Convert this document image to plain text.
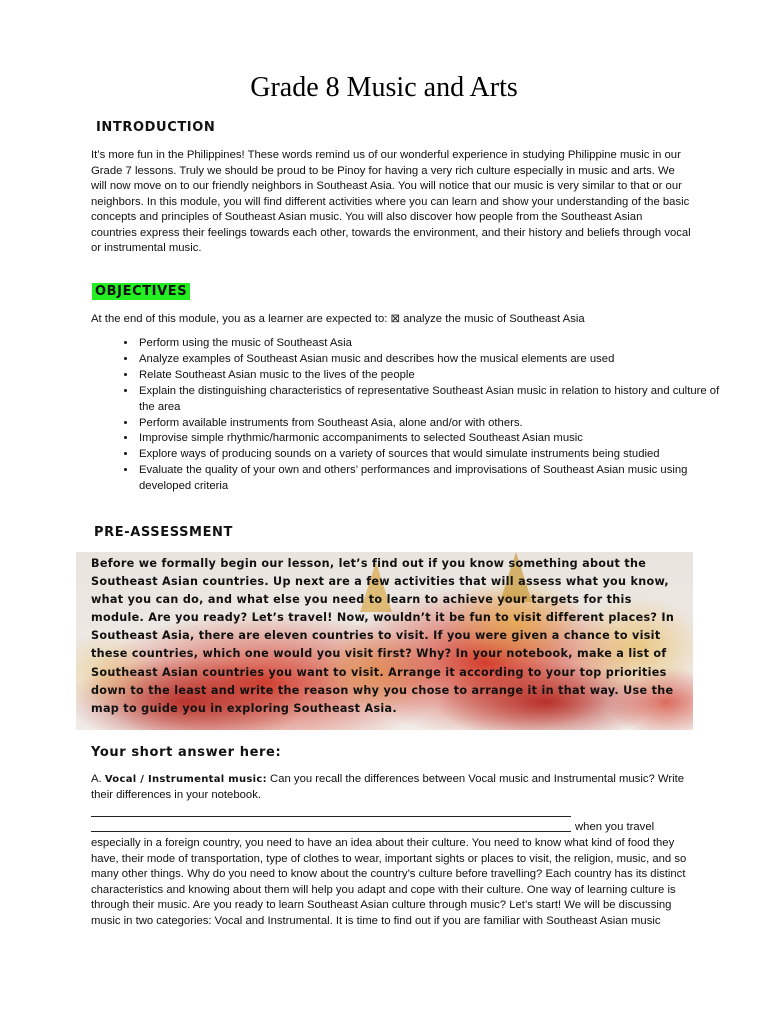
Grade 8 Music and Arts
INTRODUCTION

It’s more fun in the Philippines! These words remind us of our wonderful experience in studying Philippine music in our Grade 7 lessons. Truly we should be proud to be Pinoy for having a very rich culture especially in music and arts. We will now move on to our friendly neighbors in Southeast Asia. You will notice that our music is very similar to that or our neighbors. In this module, you will find different activities where you can learn and show your understanding of the basic concepts and principles of Southeast Asian music. You will also discover how people from the Southeast Asian countries express their feelings towards each other, towards the environment, and their history and beliefs through vocal or instrumental music.

OBJECTIVES

At the end of this module, you as a learner are expected to: ⊠ analyze the music of Southeast Asia

• Perform using the music of Southeast Asia
• Analyze examples of Southeast Asian music and describes how the musical elements are used
• Relate Southeast Asian music to the lives of the people
• Explain the distinguishing characteristics of representative Southeast Asian music in relation to history and culture of the area
• Perform available instruments from Southeast Asia, alone and/or with others.
• Improvise simple rhythmic/harmonic accompaniments to selected Southeast Asian music
• Explore ways of producing sounds on a variety of sources that would simulate instruments being studied
• Evaluate the quality of your own and others’ performances and improvisations of Southeast Asian music using developed criteria
PRE-ASSESSMENT

Before we formally begin our lesson, let’s find out if you know something about the Southeast Asian countries. Up next are a few activities that will assess what you know, what you can do, and what else you need to learn to achieve your targets for this module. Are you ready? Let’s travel! Now, wouldn’t it be fun to visit different places? In Southeast Asia, there are eleven countries to visit. If you were given a chance to visit these countries, which one would you visit first? Why? In your notebook, make a list of Southeast Asian countries you want to visit. Arrange it according to your top priorities down to the least and write the reason why you chose to arrange it in that way. Use the map to guide you in exploring Southeast Asia.

Your short answer here:

A. Vocal / Instrumental music: Can you recall the differences between Vocal music and Instrumental music? Write their differences in your notebook.

when you travel

especially in a foreign country, you need to have an idea about their culture. You need to know what kind of food they have, their mode of transportation, type of clothes to wear, important sights or places to visit, the religion, music, and so many other things. Why do you need to know about the country’s culture before travelling? Each country has its distinct characteristics and knowing about them will help you adapt and cope with their culture. One way of learning culture is through their music. Are you ready to learn Southeast Asian culture through music? Let’s start! We will be discussing music in two categories: Vocal and Instrumental. It is time to find out if you are familiar with Southeast Asian music
